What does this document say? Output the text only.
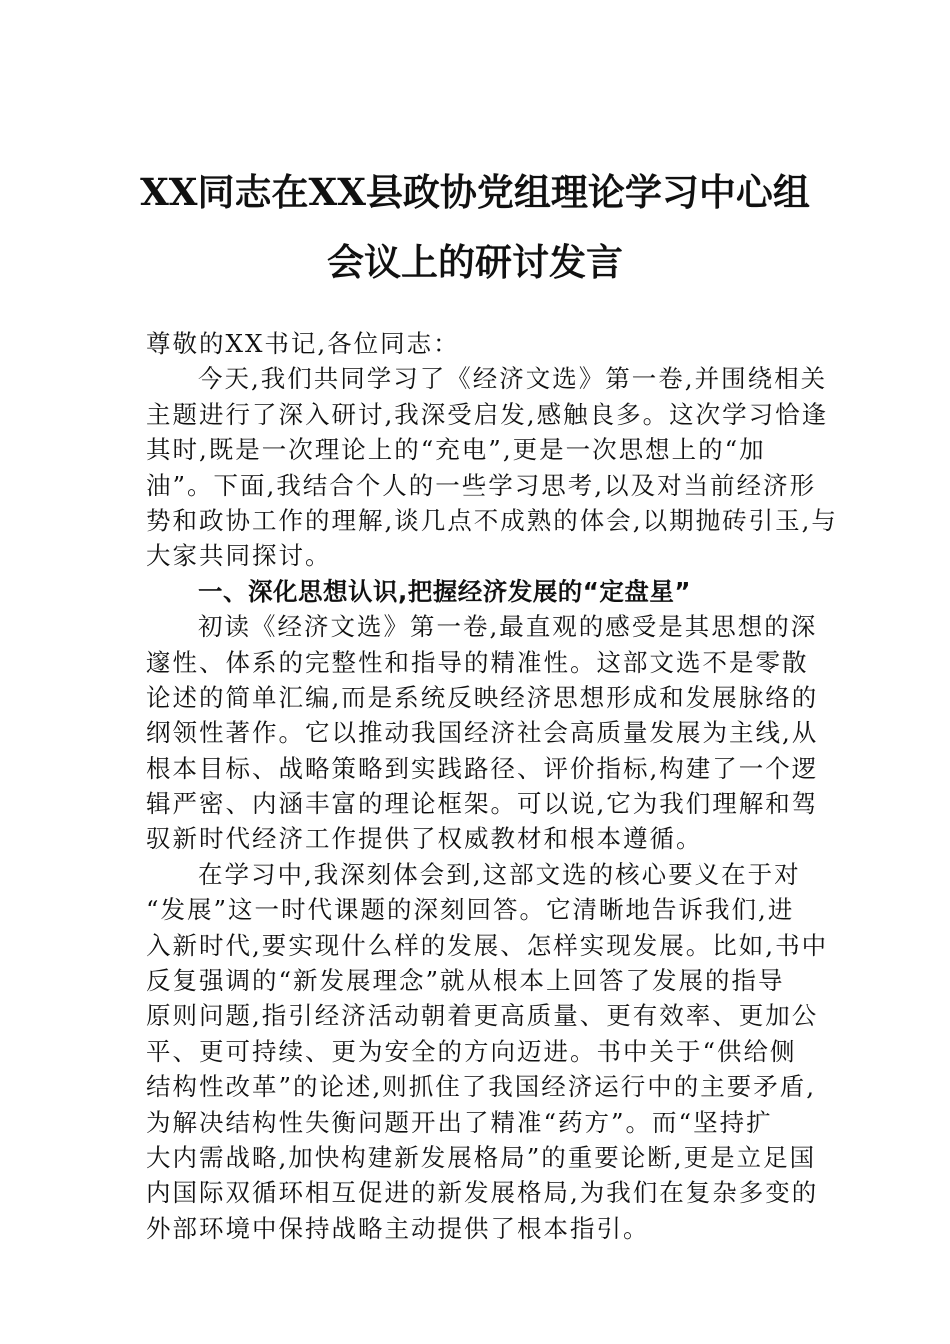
XX同志在XX县政协党组理论学习中心组
会议上的研讨发言
尊敬的XX书记,各位同志：
今天,我们共同学习了《经济文选》第一卷,并围绕相关
主题进行了深入研讨,我深受启发,感触良多。这次学习恰逢
其时,既是一次理论上的“充电”,更是一次思想上的“加
油”。下面,我结合个人的一些学习思考,以及对当前经济形
势和政协工作的理解,谈几点不成熟的体会,以期抛砖引玉,与
大家共同探讨。
一、深化思想认识,把握经济发展的“定盘星”
初读《经济文选》第一卷,最直观的感受是其思想的深
邃性、体系的完整性和指导的精准性。这部文选不是零散
论述的简单汇编,而是系统反映经济思想形成和发展脉络的
纲领性著作。它以推动我国经济社会高质量发展为主线,从
根本目标、战略策略到实践路径、评价指标,构建了一个逻
辑严密、内涵丰富的理论框架。可以说,它为我们理解和驾
驭新时代经济工作提供了权威教材和根本遵循。
在学习中,我深刻体会到,这部文选的核心要义在于对
“发展”这一时代课题的深刻回答。它清晰地告诉我们,进
入新时代,要实现什么样的发展、怎样实现发展。比如,书中
反复强调的“新发展理念”就从根本上回答了发展的指导
原则问题,指引经济活动朝着更高质量、更有效率、更加公
平、更可持续、更为安全的方向迈进。书中关于“供给侧
结构性改革”的论述,则抓住了我国经济运行中的主要矛盾,
为解决结构性失衡问题开出了精准“药方”。而“坚持扩
大内需战略,加快构建新发展格局”的重要论断,更是立足国
内国际双循环相互促进的新发展格局,为我们在复杂多变的
外部环境中保持战略主动提供了根本指引。
